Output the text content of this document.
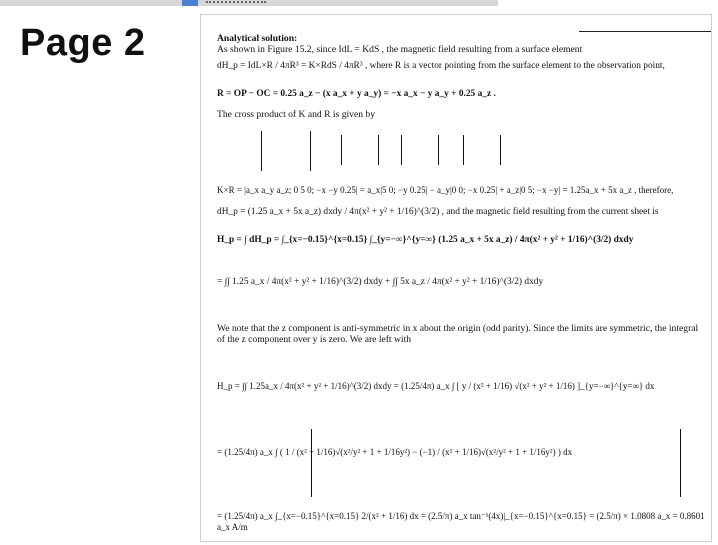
Page 2	Analytical solution:
As shown in Figure 15.2, since IdL = KdS , the magnetic field resulting from a surface element
dH_p = IdL×R / 4πR³ = K×RdS / 4πR³ , where R is a vector pointing from the surface element to the observation point,
R = OP − OC = 0.25 a_z − (x a_x + y a_y) = −x a_x − y a_y + 0.25 a_z .
The cross product of K and R is given by
K×R = |a_x a_y a_z; 0 5 0; −x −y 0.25| = a_x|5 0; −y 0.25| − a_y|0 0; −x 0.25| + a_z|0 5; −x −y| = 1.25a_x + 5x a_z , therefore,
dH_p = (1.25 a_x + 5x a_z) dxdy / 4π(x² + y² + 1/16)^(3/2) , and the magnetic field resulting from the current sheet is
H_p = ∫ dH_p = ∫_{x=−0.15}^{x=0.15} ∫_{y=−∞}^{y=∞} (1.25 a_x + 5x a_z) / 4π(x² + y² + 1/16)^(3/2) dxdy
= ∫∫ 1.25 a_x / 4π(x² + y² + 1/16)^(3/2) dxdy + ∫∫ 5x a_z / 4π(x² + y² + 1/16)^(3/2) dxdy
We note that the z component is anti-symmetric in x about the origin (odd parity). Since the limits are symmetric, the integral of the z component over y is zero. We are left with
H_p = ∫∫ 1.25a_x / 4π(x² + y² + 1/16)^(3/2) dxdy = (1.25/4π) a_x ∫ [ y / (x² + 1/16) √(x² + y² + 1/16) ]_{y=−∞}^{y=∞} dx
= (1.25/4π) a_x ∫ ( 1 / (x² + 1/16)√(x²/y² + 1 + 1/16y²) − (−1) / (x² + 1/16)√(x²/y² + 1 + 1/16y²) ) dx
= (1.25/4π) a_x ∫_{x=−0.15}^{x=0.15} 2/(x² + 1/16) dx = (2.5/π) a_x tan⁻¹(4x)|_{x=−0.15}^{x=0.15} = (2.5/π) × 1.0808 a_x = 0.8601 a_x A/m
